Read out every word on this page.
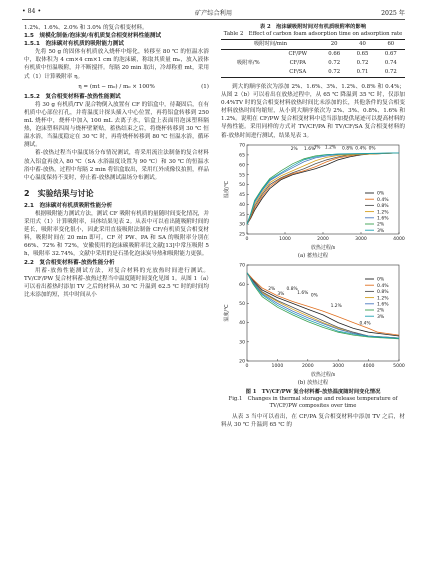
• 84 •	矿产综合利用	2025 年

1.2%、1.6%、2.0% 和 3.0% 的复合相变材料。

1.5　规模化制备/泡沫炭/有机质复合相变材料性能测试

1.5.1　泡沫碳对有机质的吸附能力测试

先将 50 g 的固体有机质放入烧杯中熔化，转移至 80 ℃ 的恒温水浴中，取体积为 4 cm×4 cm×1 cm 的泡沫碳，称取其质量 m₀，放入液体有机质中恒温吸附，并不断搅拌。每隔 20 min 取出，冷却称重 mt，采用式（1）计算吸附率 η。

η = (mt − m₀) / m₀ × 100%	(1)

1.5.2　复合相变材料蓄-放热性能测试

将 30 g 有机质/TV 混合物倒入放置有 CF 的铝盒中，待凝固后，在有机质中心部位打孔，并将温度计探头插入中心位置，再将铝盒转移到 250 mL 烧杯中，烧杯中加入 100 mL 去离子水，铝盒上表面用泡沫塑料隔热，泡沫塑料四周与烧杯壁紧贴，蓄热结束之后，将烧杯转移到 30 ℃ 恒温水浴，当温度稳定在 30 ℃ 时，再将烧杯转移到 80 ℃ 恒温水浴，循环测试。

蓄-放热过程当中温度场分布情况测试，将采用流注法制备的复合材料放入铝盒再放入 80 ℃（SA 水浴温度设置为 90 ℃）和 30 ℃ 的恒温水浴中蓄-放热，过程中每隔 2 min 将铝盒取出，采用红外成像仪拍照，样品中心温度保持不变时，停止蓄-放热测试温场分布测试。

2　实验结果与讨论

2.1　泡沫碳对有机质吸附性能分析

根据吸附能力测试方法，测试 CF 吸附有机质的量随时间变化情况，并采用式（1）计算吸附率，具体结果见表 2。从表中可以看出随吸附时间的延长，吸附率变化很小，因此采用直接吸附法制备 CF/有机质复合相变材料，吸附时间在 20 min 即可。CF 对 PW、PA 和 SA 的吸附率分别在 66%、72% 和 72%，安徽使用的泡沫碳吸附率比文献[13]中常压吸附 5 h，吸附率 32.74%，文献中采用的是石墨化泡沫炭导热和吸附能力更强。

2.2　复合相变材料蓄-放热性能分析

用蓄-放热性能测试方法，对复合材料的充放热时间进行测试。TV/CF/PW 复合材料蓄-放热过程当中温度随时间变化见图 1。从图 1（a）可以看出蓄热时添加 TV 之后的材料从 30 ℃ 升温到 62.5 ℃ 时的时间均比未添加的短，其中时间从小

表 2　泡沫碳吸附时间对有机质吸附率的影响
Table 2　Effect of carbon foam adsorption time on adsorption rate
吸附时间/min		20	40	60
吸附率/%	CF/PW	0.66	0.65	0.67
	CF/PA	0.72	0.72	0.74
	CF/SA	0.72	0.71	0.72

到大的顺序依次为添加 2%、1.6%、3%、1.2%、0.8% 和 0.4%；从图 2（b）可以看出在放热过程中，从 65 ℃ 降温到 35 ℃ 时，仅添加 0.4%TV 时的复合相变材料放热时间比未添加的长，其他条件的复合相变材料放热时间均缩短，从小到大顺序依次为 2%、3%、0.8%、1.6% 和 1.2%。说明在 CF/PW 复合相变材料中适当添加提供尾迹可以提高材料的导热性能。采用同样的方式对 TV/CF/PA 和 TV/CF/SA 复合相变材料的蓄-放热时间进行测试，结果见表 3。

0	1000	2000	3000	4000
25
30
35
40
45
50
55
60
65
70
放热过程/s
温度/℃	0%
0.4%
0.8%
1.2%
1.6%
2%
3%
2% 1.6%
3% 1.2% 0.8% 0.4% 0%
(a) 蓄热过程
0	1000	2000	3000	4000	5000
20
30
40
50
60
70
放热过程/s
温度/℃
0%
0.4%
0.8%
1.2%
1.6%
2%
3%
2%
3%
0.8%
1.6%
0%
1.2%
0.4%
(b) 放热过程
图 1　TV/CF/PW 复合材料蓄-放热温度随时间变化情况
Fig.1　Changes in thermal storage and release temperature of
TV/CF/PW composites over time

从表 3 当中可以看出，在 CF/PA 复合相变材料中添加 TV 之后，材料从 30 ℃ 升温到 65 ℃ 的
